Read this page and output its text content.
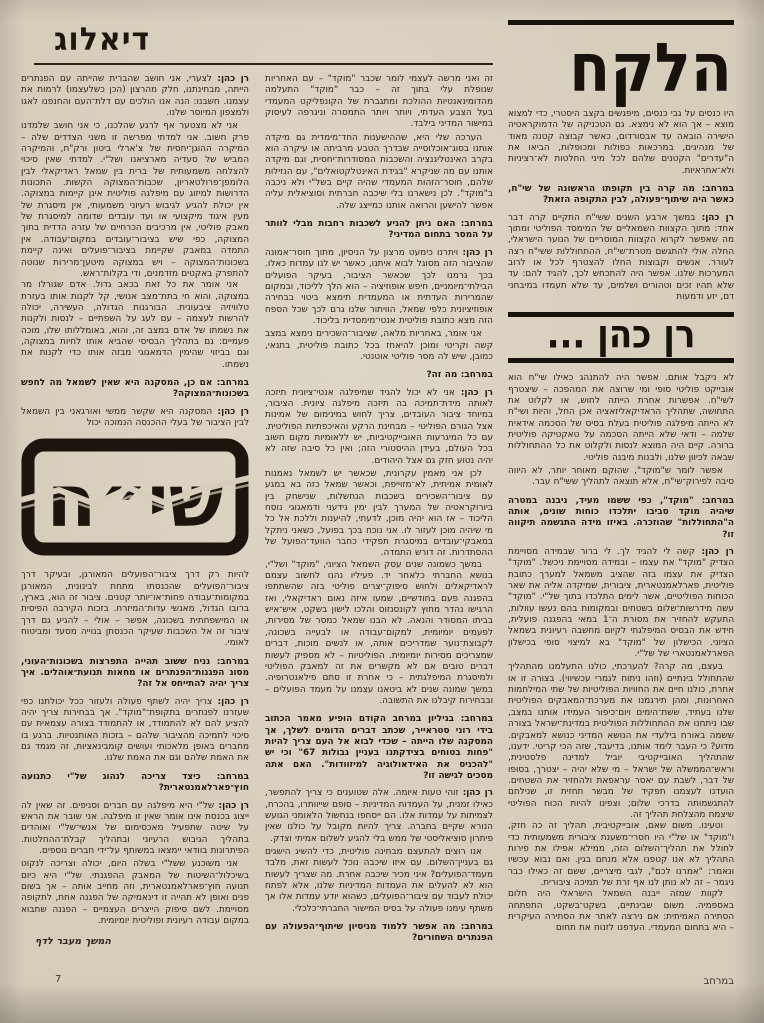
הלקח
היו כנסים על גבי כנסים, מיפגשים בקצב היסטרי, כדי למצוא מוצא – אך הוא לא נימצא. גם הטכניקה של הדמוקראטיה הישירה הובאה עד אבסורדום, כאשר קבוצה קטנה מאוד של מנהיגים, במרכאות כפולות ומכופלות, הביאו את ה"עדרים" הקטנים שלהם לכל מיני החלטות לא־רציניות ולא־אחראיות.
במרחב: מה קרה בין תקופתו הראשונה של שי"ח, כאשר היה שיתוף־פעולה, לבין התקופה הזאת?
רן כהן: במשך ארבע השנים ששי"ח התקיים קרה דבר אחד: מתוך הקצוות השמאליים של המימסד הפוליטי ומתוך מה שאפשר לקרוא הקצוות המוסריים של הנוער הישראלי, החלה אולי להתגשם מטרת־שי"ח, ההתחוללות ששי"ח רצה לעורר. אנשים וקבוצות החלו להצטרף לכל או לרוב המערכות שלנו. אפשר היה להתכחש לכך, להגיד להם: עד שלא תהיו זכים וטהורים ושלמים, עד שלא תעמדו במיבחני דם, יזע ודמעות
רן כהן ...
לא ניקבל אותם. אפשר היה להתנהג כאילו שי"ח הוא אובייקט פוליטי סופי ומי שרוצה את המהפכה – שיצטרף לשי"ח. אפשרות אחרת הייתה לחוש, או לקלוט את התחושה, שתהליך הראדיקאליזאציה אכן החל, והיות ושי"ח לא הייתה מיפלגה פוליטית בעלת בסיס של הסכמה אידאית שלמה – ודאי שלא הייתה הסכמה על טאקטיקה פוליטית ברורה. קיים היה המוצא לנסות ולקלוט את כל ההתחוללות שבאה לכיוון שלנו, ולבנות מיבנה פוליטי.
אפשר לומר ש"מוקד", שהוקם מאוחר יותר, לא היווה סיבה לפירוק־שי"ח, אלא תוצאה לתהליך ששי"ח עבר.
במרחב: "מוקד", כפי ששמו מעיד, ניבנה במטרה שיהיה מוקד סביבו יתלכדו כוחות שונים, אותה ה"התחוללות" שהוזכרה. באיזו מידה התגשמה תיקווה זו?
רן כהן: קשה לי להגיד לך. לי ברור שבמידה מסויימת הצדיק "מוקד" את עצמו – ובמידה מסויימת ניכשל. "מוקד" הצדיק את עצמו בזה שהציב משמאל למערך כתובת פוליטית, פארלאמנטארית, ציבורית, שמיקדה אליה את שאר הכוחות הפוליטיים, אשר לימים התלכדו בתוך של"י. "מוקד" עשה מידרשות־שלום בשטחים ובמקומות בהם נעשו עוולות, התעקש להחזיר את מסורת ה־1 במאי בהפגנה פועלית, חידש את הבסיס המיפלגתי לקיום מחשבה רעיונית בשמאל הציוני. הכישלון של "מוקד" בא למיצוי סופי בכישלון הפארלאמנטארי של של"י.
בעצם, מה קרה? להערכתי, כולנו התעלמנו מהתהליך שהתחולל בינתיים (וזהו ניתוח לגמרי עכשיווי). בצורה זו או אחרת, כולנו חיים את החוויות הפוליטיות של שתי המילחמות האחרונות, ומהן תירגמנו את מערכת־המאבקים הפוליטית שלנו בעתיד. ששת־הימים ויום־כיפור העמידו אותנו במצב, שבו ניתחנו את ההתחוללות הפוליטית במדינת־ישראל בצורה ששמה באורח בילעדי את הנושא המדיני כנושא למאבקים. מדוע? כי העבר לימד אותנו, בדיעבד, שזה הכי קריטי. ידענו, שהתהליך האובייקטיבי יוביל למדינה פלסטינית, וראש־הממשלה של ישראל – מי שלא יהיה – יצטרך, בסופו של דבר, לשבת עם יאסר עראפאת ולהחזיר את השטחים. הועדנו לעצמנו תפקיד של מבשר תחזית זו, שנילחם להתגשמותה בדרכי שלום; וצפינו להיות הכוח הפוליטי שיצמח מהצלחת תהליך זה.
וטעינו. משום שאם, אובייקטיבית, תהליך זה כה חזק, ו"מוקד" או של"י היו חסרי־משענת ציבורית משמעותית כדי לחולל את תהליך־השלום הזה, ממילא אפילו את פירות התהליך לא אנו קטפנו אלא מנחם בגין. ואם נבוא עכשיו ונאמר: "אמרנו לכם", לגבי מיצריים, ששם זה כאילו כבר ניגמר – זה לא נותן לנו אף זרת של תמיכה ציבורית.
לקוות שמזה ייבנה השמאל הישראלי היה חלום באספמיה. משום שבינתיים, בשקט־בשקט, התפתחה הסתירה האמיתית: אם נירצה לאתר את הסתירה העיקרית – היא בתחום המעמדי. העדפנו לזנוח את תחום
דיאלוג
זה ואני מרשה לעצמי לומר שכבר "מוקד" – עם האחריות שנופלת עלי בתוך זה – כבר "מוקד" התעלמה מהדומינאנטיות ההולכת ומתגברת של הקונפליקט המעמדי בעל הצבע העדתי, ויותר ויותר התמסרה וניגרפה לעיסוק במישור המדיני בילבד.
הערכה שלי היא, שההישענות החד־מימדית גם מיקדה אותנו בסוג־אוכלוסייה שבדרך הטבע מרביתה או עיקרה הוא בקרב האינטליגנציה והשכבות המסודרות־יחסית, וגם מיקדה אותנו עם מה שניקרא "בגידת האינטלקטואלים", עם הנזילות שלהם, חוסר־הזהות המעמדי שהיה קיים בשל"י ולא ניכבה ב"מוקד". לכן נישארנו בלי שיכבה חברתית וסוציאלית עליה אפשר להישען והרואה אותנו כמייצג שלה.
במרחב: האם ניתן להגיע לשכבות רחבות מבלי לוותר על המסר בתחום המדיני?
רן כהן: ויתרנו כימעט מרצון על הניסיון, מתוך חוסר־אמונה שהציבור הזה מסוגל לבוא איתנו, כאשר יש לנו עמדות כאלו. בכך גרמנו לכך שכאשר הציבור, בעיקר הפועלים הבילתי־מיומניים, חיפש אופוזיציה – הוא הלך לליכוד, ובמקום שהמרירות העדתית או המעמדית תימצא ביטוי בבחירה אופוזיציונית כלפי שמאל, הוויתור שלנו גרם לכך שכל הספח הזה מצא כתובת פוליטית אנטי־מימסדית בליכוד.
אני אומר, באחריות מלאה, שציבור־השכירים נימצא במצב קשה וקריטי ומוכן להיאחז בכל כתובת פוליטית, בתנאי, כמובן, שיש לה מסר פוליטי אוטנטי.
במרחב: מה זה?
רן כהן: אני לא יכול להגיד שמיפלגה אנטי־ציונית תיזכה לאותה מידת־תמיכה בה תיזכה מיפלגה ציונית. הציבור, במיוחד ציבור העובדים, צריך לחוש במינימום של אמינות אצל הגורם הפוליטי – מבחינת הרקע והאיכפתיות הפוליטית. עם כל המיגרעות האובייקטיביות, יש ללאומיות מקום חשוב בכל העולם, בעידן ההיסטורי הזה; ואין כל סיבה שזה לא יהיה נטוע חזק גם אצל היהודים.
לכן אני מאמין עקרונית, שכאשר יש לשמאל נאמנות לאומית אמיתית, לא־מזוייפת, וכאשר שמאל כזה בא במגע עם ציבור־השכירים בשכבות הנחשלות, שנישחק בין ביורוקראטיה של המערך לבין ימין גידעני ודמאגוגי נוסח הליכוד – אז הוא יהיה מוכן, לדעתי, להיענות וללכת אל כל מי שיהיה מוכן לעזור לו. אני נוכח בכך בפועל, כשאני ניתקל במאבקי־עובדים במיסגרת תפקידי כחבר הוועד־הפועל של ההסתדרות. זה דורש התמדה.
במשך כשמונה שנים עסק השמאל הציוני, "מוקד" ושל"י, בנושא החברתי כלאחר יד. פעיליו נהנו לחשוב עצמם לראדיקאלים ולחוש סיפוק־יצרים פוליטי בזה שהשתתפו בהפגנה פעם בחודשיים, שמעו איזה נאום ראדיקאלי, ואז הרגישו נהדר מחוץ לקונסנזוס והלכו לישון בשקט, איש־איש בביתו המסודר והנאה. לא הבנו שמאל כמסר של מסירות, לפעמים יומיומית, למקום־עבודה או לבעייה בשכונה, לקבוצת־נוער שמדריכים אותה, או לנשים מוכות, דברים שמצריכים מסירות יומיומית. הפוליטיות – לא מספיק לעשות דברים טובים אם לא מקשרים את זה למאבק הפוליטי ולמיסגרת המיפלגתית – כי אחרת זו סתם פילאנטרופיה. במשך שמונה שנים לא ביטאנו עצמנו על מעמד הפועלים – ובבחירות קיבלנו את התשובה.
במרחב: בגיליון במרחב הקודם הופיע מאמר הכתוב בידי רוני סטראייר, שכתב דברים הדומים לשלך, אך המסקנה שלו הייתה – שכדי לבוא אל העם צריך להיות "פחות בטוחים בצידקתנו בעניין גבולות 67" וכי יש "להכניס את האידאולוגיה למיזוודות". האם אתה מסכים לגישה זו?
רן כהן: זוהי טעות איומה. אלה שטוענים כי צריך להתפשר, כאילו זמנית, על העמדות המדיניות – סופם שייוותרו, בהכרח, לצמיתות על עמדות אלו. הם ייסחפו בנחשול הלאומני הגועש הנורא שקיים בחברה. צריך להיות מקובל על כולנו שאין פיתרון סוציאליסטי של ממש בלי להגיע לשלום אמיתי וצדק.
אנו רוצים להתעצם מבחינה פוליטית, כדי להשיג הישגים גם בעניין־השלום. עם איזו שיכבה נוכל לעשות זאת, מלבד מעמד־הפועלים? איני מכיר שיכבה אחרת. מה שצריך לעשות הוא לא להעלים את העמדות המדיניות שלנו, אלא לפתח יכולת לעבוד עם ציבור־הפועלים, כשהוא יודע עמדות אלו אך משתף עימנו פעולה על בסיס המישור החברתי־כלכלי.
במרחב: מה אפשר ללמוד מניסיון שיתוף־הפעולה עם הפנתרים השחורים?
רן כהן: לצערי, אני חושב שהברית שהייתה עם הפנתרים הייתה, מבחינתנו, חלק מהרצון (הכן כשלעצמו) לרמות את עצמנו. חשבנו: הנה אנו הולכים עם דלת־העם והחנפנו לאגו ולמצפון המיוסר שלנו.
אני לא מצטער אף לרגע שהלכנו, כי אני חושב שלמדנו פרק חשוב. אני למדתי מפרשה זו משני הצדדים שלה – המיקרה ההוגן־יחסית של צ'ארלי ביטון ורק"ח, והמיקרה המביש של סעדיה מארציאנו ושל"י. למדתי שאין סיכוי להצלחה משמעותית של ברית בין שמאל ראדיקאלי לבין הלומפן־פרולטאריון, שכבות־המצוקה הקשות. התכונות הדרושות למיזוג עם מיפלגה פוליטית אינן קיימות במצוקה. אין יכולת להגיע לגיבוש רעיוני משמעותי, אין מיסגרת של מעין איגוד מיקצועי או ועד עובדים שדומה למיסגרת של מאבק פוליטי, אין מרכיבים הכרחיים של עזרה הדדית בתוך המצוקה, כפי שיש בציבור־עובדים במקום־עבודה. אין התמדה במאבק שקיימת בציבור־פועלים ואינה קיימת בשכונות־המצוקה – ויש במצוקה מיטען־מרירות שנוטה להתפרק באקטים מזדמנים, ודי בקלות־ראש.
אני אומר את כל זאת בכאב גדול. אדם שגורלו מר במצוקה, והוא חי בתת־מצב אנושי, קל לקנות אותו בעזרת טלוויזיה ציבעונית. הבורגנות הגדולה, העשירה, יכולה להרשות לעצמה – עם לעג על השפתיים – לנסות ולקנות את נשמתו של אדם במצב זה, והוא, באומללותו שלו, מוכה פעמיים: גם בתהליך הבסיסי שהביא אותו לחיות במצוקה, וגם בביזוי שהימין הדמאגוגי מבזה אותו כדי לקנות את נשמתו.
במרחב: אם כן, המסקנה היא שאין לשמאל מה לחפש בשכונות־המצוקה?
רן כהן: המסקנה היא שקשר ממשי ואורגאני בין השמאל לבין הציבור של בעלי ההכנסה הנמוכה יכול
שי״ח
להיות רק דרך ציבור־הפועלים המאורגן, ובעיקר דרך ציבור־הפועלים שהכנסתו מתחת לבינונית, המאורגן במקומות־עבודה פחות־או־יותר קטנים. ציבור זה הוא, בארץ, ברובו הגדול, מאנשי עדות־המיזרח. בזכות הקירבה הפיסית או המישפחתית בשכונה, אפשר – אולי – להגיע גם דרך ציבור זה אל השכבות שעיקר הכנסתן בנוייה מסעד ומביטוח לאומי.
במרחב: נניח ששוב תהייה התפרצות בשכונות־העוני, מסוג הפגנות־הפנתרים או מחאות תנועת־אוהלים. איך צריך יהיה להתייחס אל זה?
רן כהן: צריך יהיה לשתף פעולה ולעזור ככל יכולתנו כפי שעזרנו לפנתרים בתקופת־"מוקד". אך בבחירות צריך יהיה להציע להם לא להתמודד, או להתמודד בצורה עצמאית עם סיכוי לתמיכה מהציבור שלהם – בזכות האותנטיות. ברגע בו מחברים באופן מלאכותי ועושים קומבינאציות, זה מגמד גם את האמת שלהם וגם את האמת שלנו.
במרחב: כיצד צריכה לנהוג של"י כתנועה חוץ־פארלאמנטארית?
רן כהן: של"י היא מיפלגה עם חברים וסניפים. זה שאין לה ייצוג בכנסת אינו אומר שאין זו מיפלגה. אני שובר את הראש על שיטה שתפעיל מאכסימום של אנשי־של"י ואוהדים בתהליך הגיבוש הרעיוני ובתהליך קבלת־ההחלטות. הפיתרונות בוודאי יימצאו במשותף על־ידי חברים נוספים.
אני משוכנע ששל"י בשלה היום, יכולה וצריכה לנקוט בשיכלול־השיטות של המאבק ההפגנתי. של"י היא כיום תנועה חוץ־פארלאמנטארית, וזה מחייב אותה – אך בשום פנים ואופן לא תהייה זו דינאמיקה של הפגנה אחת, לתקופה מסויימת. לשם סיפוק הייצרים העצמיים – הפגנה שתבוא במקום עבודה רעיונית ופוליטית יומיומית.
המשך מעבר לדף
7	במרחב
